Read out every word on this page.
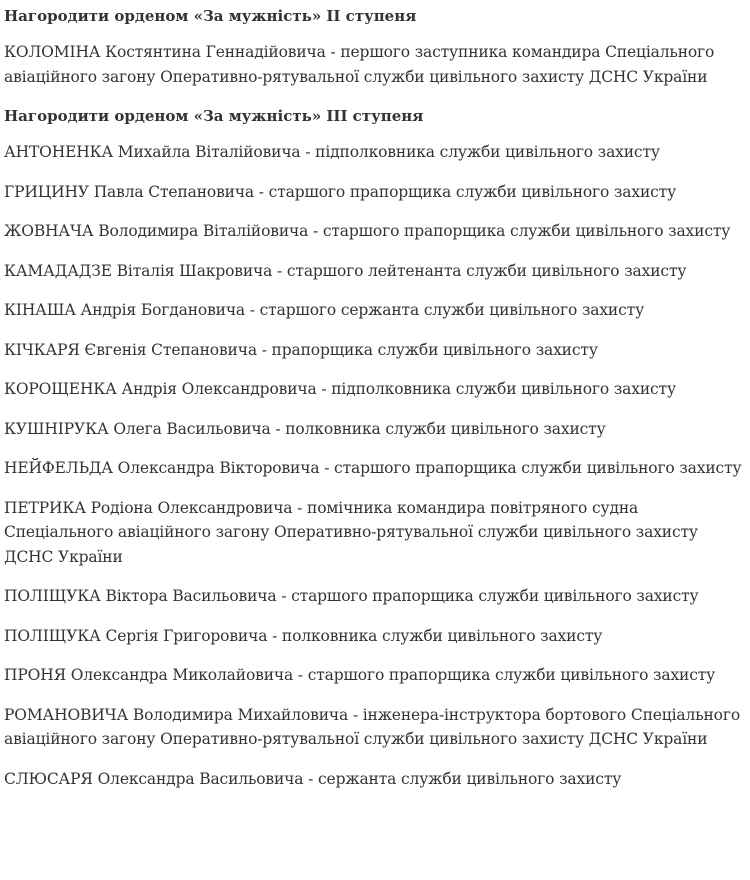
Нагородити орденом «За мужність» II ступеня

КОЛОМІНА Костянтина Геннадійовича - першого заступника командира Спеціального авіаційного загону Оперативно-рятувальної служби цивільного захисту ДСНС України

Нагородити орденом «За мужність» III ступеня

АНТОНЕНКА Михайла Віталійовича - підполковника служби цивільного захисту

ГРИЦИНУ Павла Степановича - старшого прапорщика служби цивільного захисту

ЖОВНАЧА Володимира Віталійовича - старшого прапорщика служби цивільного захисту

КАМАДАДЗЕ Віталія Шакровича - старшого лейтенанта служби цивільного захисту

КІНАША Андрія Богдановича - старшого сержанта служби цивільного захисту

КІЧКАРЯ Євгенія Степановича - прапорщика служби цивільного захисту

КОРОЩЕНКА Андрія Олександровича - підполковника служби цивільного захисту

КУШНІРУКА Олега Васильовича - полковника служби цивільного захисту

НЕЙФЕЛЬДА Олександра Вікторовича - старшого прапорщика служби цивільного захисту

ПЕТРИКА Родіона Олександровича - помічника командира повітряного судна Спеціального авіаційного загону Оперативно-рятувальної служби цивільного захисту ДСНС України

ПОЛІЩУКА Віктора Васильовича - старшого прапорщика служби цивільного захисту

ПОЛІЩУКА Сергія Григоровича - полковника служби цивільного захисту

ПРОНЯ Олександра Миколайовича - старшого прапорщика служби цивільного захисту

РОМАНОВИЧА Володимира Михайловича - інженера-інструктора бортового Спеціального авіаційного загону Оперативно-рятувальної служби цивільного захисту ДСНС України

СЛЮСАРЯ Олександра Васильовича - сержанта служби цивільного захисту
